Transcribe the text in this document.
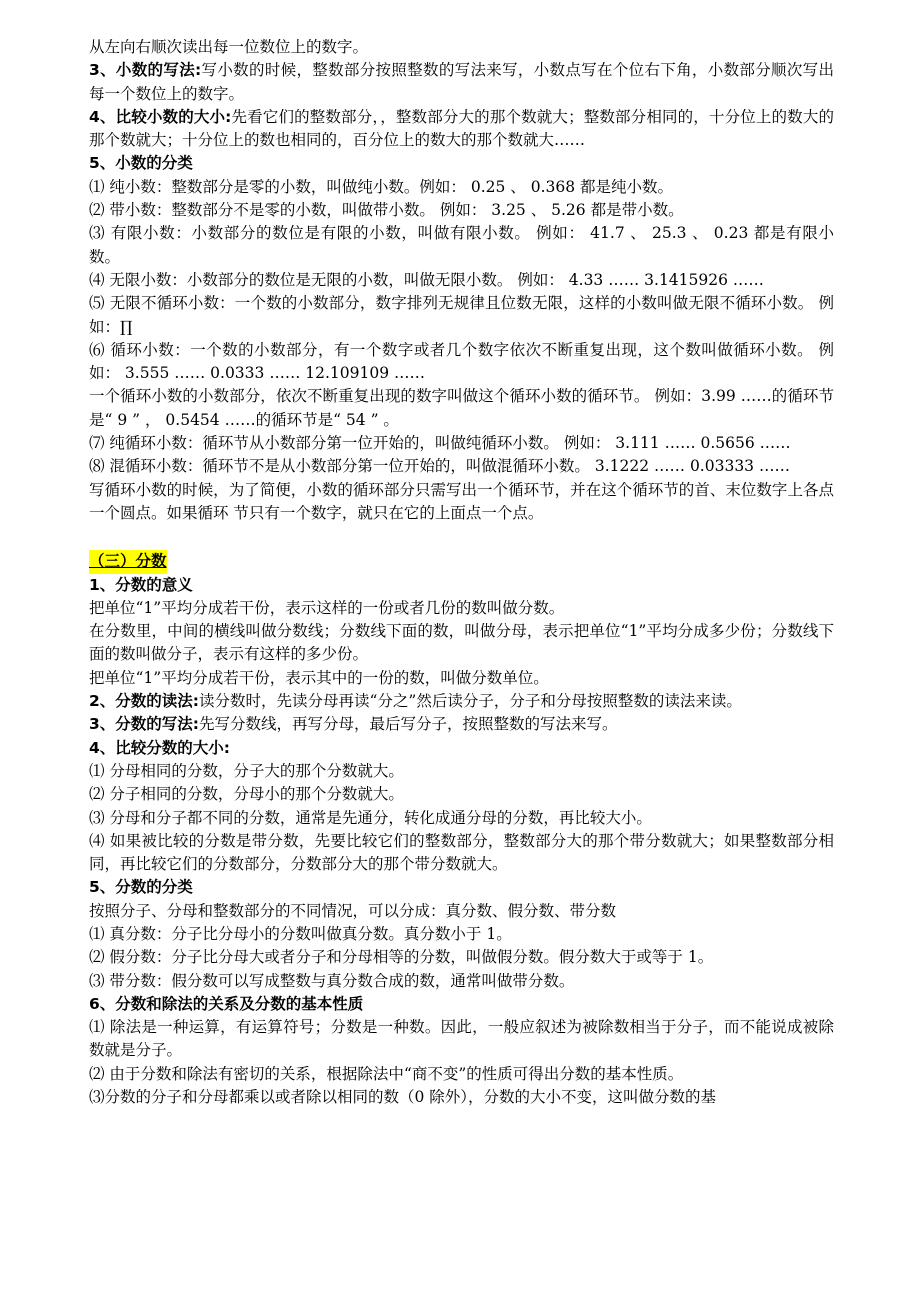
从左向右顺次读出每一位数位上的数字。

3、小数的写法:写小数的时候，整数部分按照整数的写法来写，小数点写在个位右下角，小数部分顺次写出每一个数位上的数字。

4、比较小数的大小:先看它们的整数部分，，整数部分大的那个数就大；整数部分相同的，十分位上的数大的那个数就大；十分位上的数也相同的，百分位上的数大的那个数就大……

5、小数的分类

⑴ 纯小数：整数部分是零的小数，叫做纯小数。例如： 0.25 、 0.368 都是纯小数。

⑵ 带小数：整数部分不是零的小数，叫做带小数。 例如： 3.25 、 5.26 都是带小数。

⑶ 有限小数：小数部分的数位是有限的小数，叫做有限小数。 例如： 41.7 、 25.3 、 0.23 都是有限小数。

⑷ 无限小数：小数部分的数位是无限的小数，叫做无限小数。 例如： 4.33 …… 3.1415926 ……

⑸ 无限不循环小数：一个数的小数部分，数字排列无规律且位数无限，这样的小数叫做无限不循环小数。 例如：∏

⑹ 循环小数：一个数的小数部分，有一个数字或者几个数字依次不断重复出现，这个数叫做循环小数。 例如： 3.555 …… 0.0333 …… 12.109109 ……

一个循环小数的小数部分，依次不断重复出现的数字叫做这个循环小数的循环节。 例如：3.99 ……的循环节是“ 9 ” ， 0.5454 ……的循环节是“ 54 ” 。

⑺ 纯循环小数：循环节从小数部分第一位开始的，叫做纯循环小数。 例如： 3.111 …… 0.5656 ……

⑻ 混循环小数：循环节不是从小数部分第一位开始的，叫做混循环小数。 3.1222 …… 0.03333 ……

写循环小数的时候，为了简便，小数的循环部分只需写出一个循环节，并在这个循环节的首、末位数字上各点一个圆点。如果循环 节只有一个数字，就只在它的上面点一个点。

（三）分数

1、分数的意义

把单位“1”平均分成若干份，表示这样的一份或者几份的数叫做分数。

在分数里，中间的横线叫做分数线；分数线下面的数，叫做分母，表示把单位“1”平均分成多少份；分数线下面的数叫做分子，表示有这样的多少份。

把单位“1”平均分成若干份，表示其中的一份的数，叫做分数单位。

2、分数的读法:读分数时，先读分母再读“分之”然后读分子，分子和分母按照整数的读法来读。

3、分数的写法:先写分数线，再写分母，最后写分子，按照整数的写法来写。

4、比较分数的大小:

⑴ 分母相同的分数，分子大的那个分数就大。

⑵ 分子相同的分数，分母小的那个分数就大。

⑶ 分母和分子都不同的分数，通常是先通分，转化成通分母的分数，再比较大小。

⑷ 如果被比较的分数是带分数，先要比较它们的整数部分，整数部分大的那个带分数就大；如果整数部分相同，再比较它们的分数部分，分数部分大的那个带分数就大。

5、分数的分类

按照分子、分母和整数部分的不同情况，可以分成：真分数、假分数、带分数

⑴ 真分数：分子比分母小的分数叫做真分数。真分数小于 1。

⑵ 假分数：分子比分母大或者分子和分母相等的分数，叫做假分数。假分数大于或等于 1。

⑶ 带分数：假分数可以写成整数与真分数合成的数，通常叫做带分数。

6、分数和除法的关系及分数的基本性质

⑴ 除法是一种运算，有运算符号；分数是一种数。因此，一般应叙述为被除数相当于分子，而不能说成被除数就是分子。

⑵ 由于分数和除法有密切的关系，根据除法中“商不变”的性质可得出分数的基本性质。

⑶分数的分子和分母都乘以或者除以相同的数（0 除外），分数的大小不变，这叫做分数的基
